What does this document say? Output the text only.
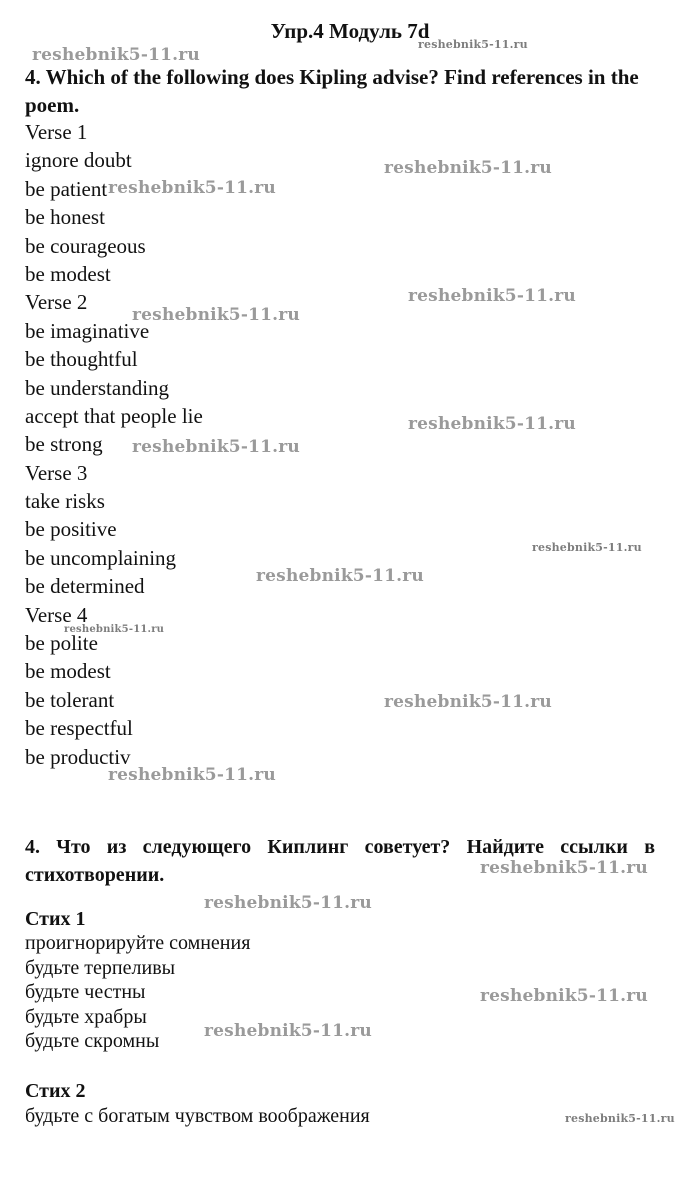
Упр.4 Модуль 7d
4. Which of the following does Kipling advise? Find references in the poem.
Verse 1
ignore doubt
be patient
be honest
be courageous
be modest
Verse 2
be imaginative
be thoughtful
be understanding
accept that people lie
be strong
Verse 3
take risks
be positive
be uncomplaining
be determined
Verse 4
be polite
be modest
be tolerant
be respectful
be productiv
4. Что из следующего Киплинг советует? Найдите ссылки в стихотворении.
Стих 1
проигнорируйте сомнения
будьте терпеливы
будьте честны
будьте храбры
будьте скромны
Стих 2
будьте с богатым чувством воображения
reshebnik5-11.ru
reshebnik5-11.ru
reshebnik5-11.ru
reshebnik5-11.ru
reshebnik5-11.ru
reshebnik5-11.ru
reshebnik5-11.ru
reshebnik5-11.ru
reshebnik5-11.ru
reshebnik5-11.ru
reshebnik5-11.ru
reshebnik5-11.ru
reshebnik5-11.ru
reshebnik5-11.ru
reshebnik5-11.ru
reshebnik5-11.ru
reshebnik5-11.ru
reshebnik5-11.ru
